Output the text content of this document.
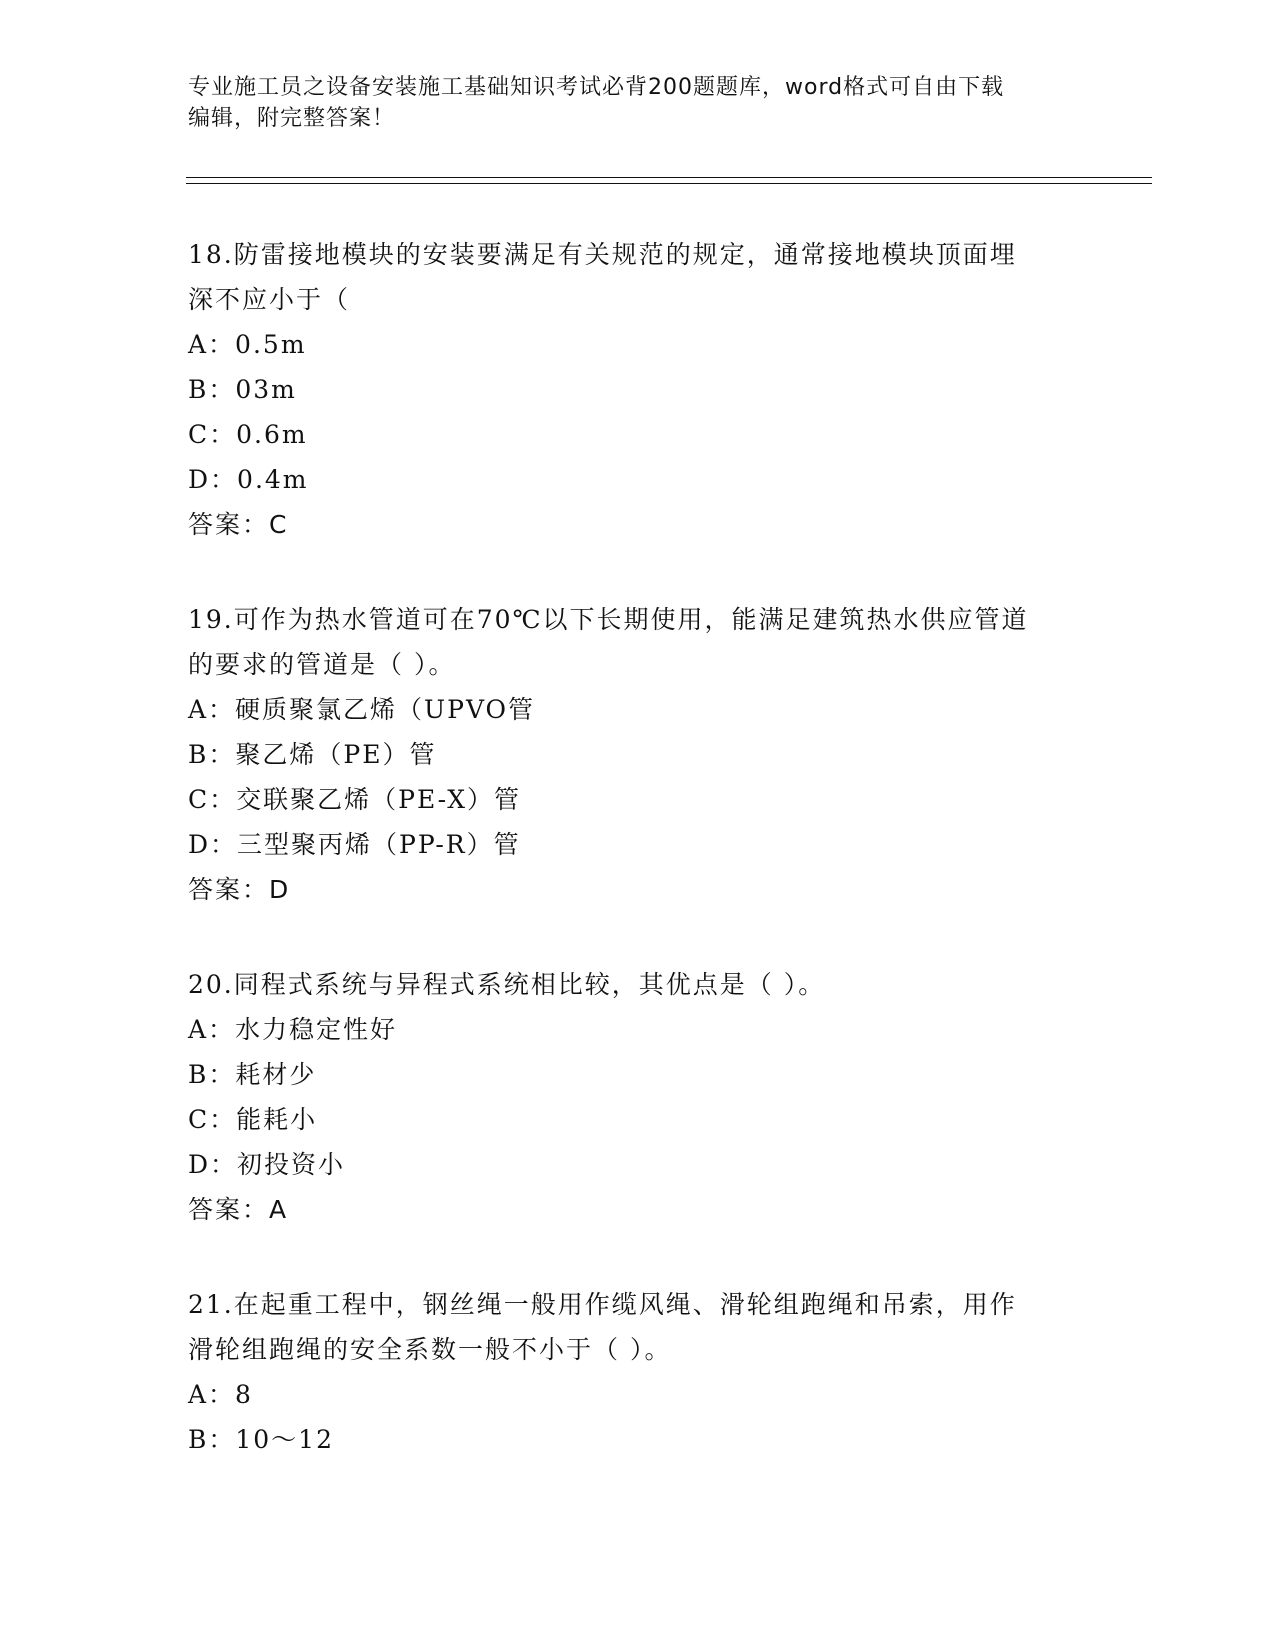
专业施工员之设备安装施工基础知识考试必背200题题库，word格式可自由下载
编辑，附完整答案！
18.防雷接地模块的安装要满足有关规范的规定，通常接地模块顶面埋
深不应小于（
A：0.5m
B：03m
C：0.6m
D：0.4m
答案：C
19.可作为热水管道可在70℃以下长期使用，能满足建筑热水供应管道
的要求的管道是（ ）。
A：硬质聚氯乙烯（UPVO管
B：聚乙烯（PE）管
C：交联聚乙烯（PE-X）管
D：三型聚丙烯（PP-R）管
答案：D
20.同程式系统与异程式系统相比较，其优点是（ ）。
A：水力稳定性好
B：耗材少
C：能耗小
D：初投资小
答案：A
21.在起重工程中，钢丝绳一般用作缆风绳、滑轮组跑绳和吊索，用作
滑轮组跑绳的安全系数一般不小于（ ）。
A：8
B：10～12
